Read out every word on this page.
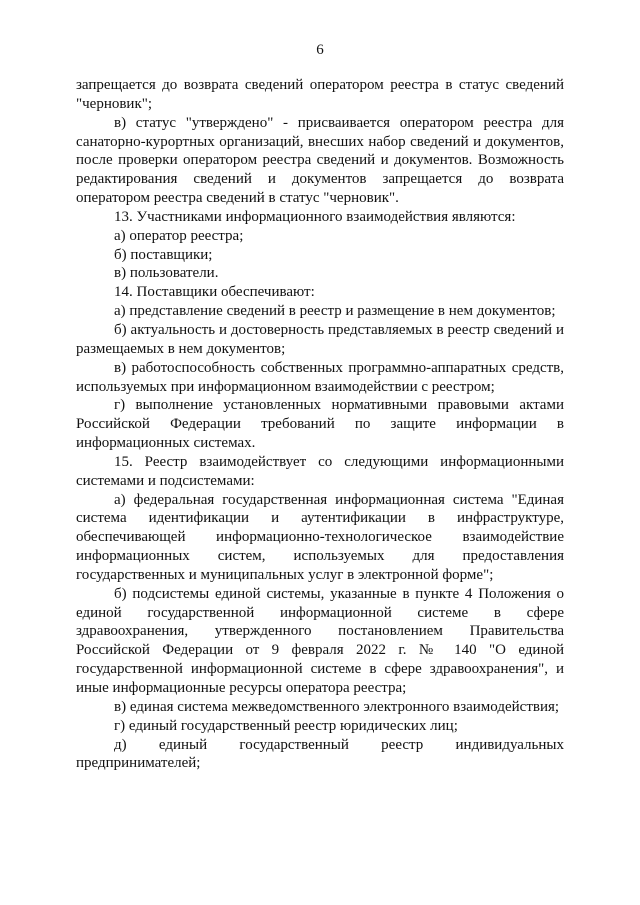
6

запрещается до возврата сведений оператором реестра в статус сведений "черновик";

в) статус "утверждено" - присваивается оператором реестра для санаторно-курортных организаций, внесших набор сведений и документов, после проверки оператором реестра сведений и документов. Возможность редактирования сведений и документов запрещается до возврата оператором реестра сведений в статус "черновик".

13. Участниками информационного взаимодействия являются:

а) оператор реестра;

б) поставщики;

в) пользователи.

14. Поставщики обеспечивают:

а) представление сведений в реестр и размещение в нем документов;

б) актуальность и достоверность представляемых в реестр сведений и размещаемых в нем документов;

в) работоспособность собственных программно-аппаратных средств, используемых при информационном взаимодействии с реестром;

г) выполнение установленных нормативными правовыми актами Российской Федерации требований по защите информации в информационных системах.

15. Реестр взаимодействует со следующими информационными системами и подсистемами:

а) федеральная государственная информационная система "Единая система идентификации и аутентификации в инфраструктуре, обеспечивающей информационно-технологическое взаимодействие информационных систем, используемых для предоставления государственных и муниципальных услуг в электронной форме";

б) подсистемы единой системы, указанные в пункте 4 Положения о единой государственной информационной системе в сфере здравоохранения, утвержденного постановлением Правительства Российской Федерации от 9 февраля 2022 г. № 140 "О единой государственной информационной системе в сфере здравоохранения", и иные информационные ресурсы оператора реестра;

в) единая система межведомственного электронного взаимодействия;

г) единый государственный реестр юридических лиц;

д) единый государственный реестр индивидуальных предпринимателей;
